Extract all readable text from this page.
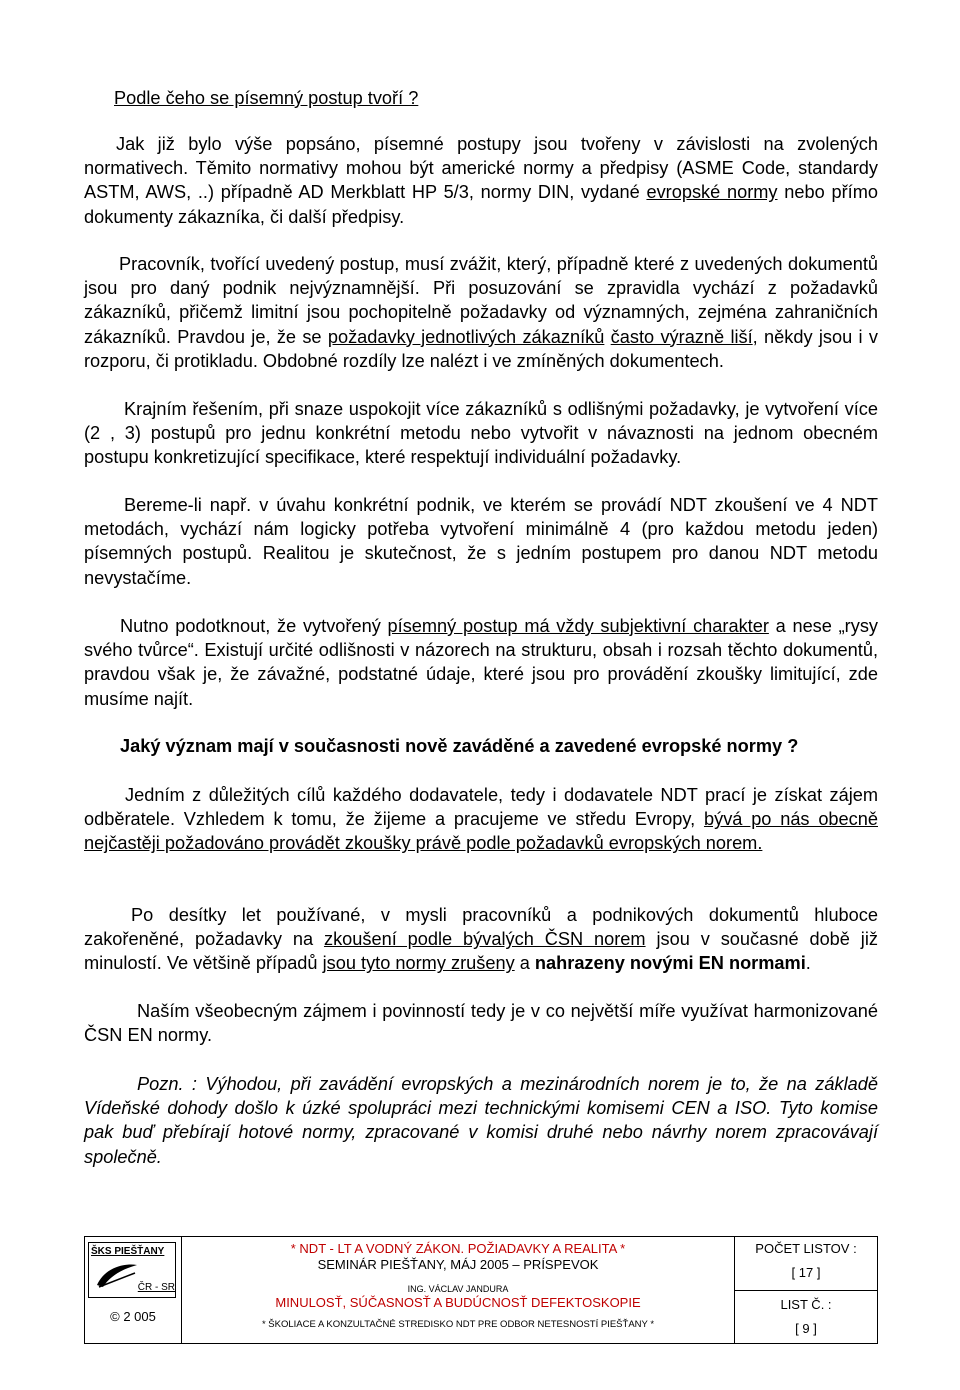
Podle čeho se písemný postup tvoří ?

Jak již bylo výše popsáno, písemné postupy jsou tvořeny v závislosti na zvolených normativech. Těmito normativy mohou být americké normy a předpisy (ASME Code, standardy ASTM, AWS, ..) případně AD Merkblatt HP 5/3, normy DIN, vydané evropské normy nebo přímo dokumenty zákazníka, či další předpisy.

Pracovník, tvořící uvedený postup, musí zvážit, který, případně které z uvedených dokumentů jsou pro daný podnik nejvýznamnější. Při posuzování se zpravidla vychází z požadavků zákazníků, přičemž limitní jsou pochopitelně požadavky od významných, zejména zahraničních zákazníků. Pravdou je, že se požadavky jednotlivých zákazníků často výrazně liší, někdy jsou i v rozporu, či protikladu. Obdobné rozdíly lze nalézt i ve zmíněných dokumentech.

Krajním řešením, při snaze uspokojit více zákazníků s odlišnými požadavky, je vytvoření více (2 , 3) postupů pro jednu konkrétní metodu nebo vytvořit v návaznosti na jednom obecném postupu konkretizující specifikace, které respektují individuální požadavky.

Bereme-li např. v úvahu konkrétní podnik, ve kterém se provádí NDT zkoušení ve 4 NDT metodách, vychází nám logicky potřeba vytvoření minimálně 4 (pro každou metodu jeden) písemných postupů. Realitou je skutečnost, že s jedním postupem pro danou NDT metodu nevystačíme.

Nutno podotknout, že vytvořený písemný postup má vždy subjektivní charakter a nese „rysy svého tvůrce“. Existují určité odlišnosti v názorech na strukturu, obsah i rozsah těchto dokumentů, pravdou však je, že závažné, podstatné údaje, které jsou pro provádění zkoušky limitující, zde musíme najít.

Jaký význam mají v současnosti nově zaváděné a zavedené evropské normy ?

Jedním z důležitých cílů každého dodavatele, tedy i dodavatele NDT prací je získat zájem odběratele. Vzhledem k tomu, že žijeme a pracujeme ve středu Evropy, bývá po nás obecně nejčastěji požadováno provádět zkoušky právě podle požadavků evropských norem.

Po desítky let používané, v mysli pracovníků a podnikových dokumentů hluboce zakořeněné, požadavky na zkoušení podle bývalých ČSN norem jsou v současné době již minulostí. Ve většině případů jsou tyto normy zrušeny a nahrazeny novými EN normami.

Naším všeobecným zájmem i povinností tedy je v co největší míře využívat harmonizované ČSN EN normy.

Pozn. : Výhodou, při zavádění evropských a mezinárodních norem je to, že na základě Vídeňské dohody došlo k úzké spolupráci mezi technickými komisemi CEN a ISO. Tyto komise pak buď přebírají hotové normy, zpracované v komisi druhé nebo návrhy norem zpracovávají společně.

ŠKS PIEŠŤANY
ČR - SR
© 2 005
* NDT - LT A VODNÝ ZÁKON. POŽIADAVKY A REALITA *
SEMINÁR PIEŠŤANY, MÁJ 2005 – PRÍSPEVOK
ING. VÁCLAV JANDURA
MINULOSŤ, SÚČASNOSŤ A BUDÚCNOSŤ DEFEKTOSKOPIE
* ŠKOLIACE A KONZULTAČNÉ STREDISKO NDT PRE ODBOR NETESNOSTÍ PIEŠŤANY *
POČET LISTOV :
[ 17 ]
LIST Č. :
[ 9 ]
